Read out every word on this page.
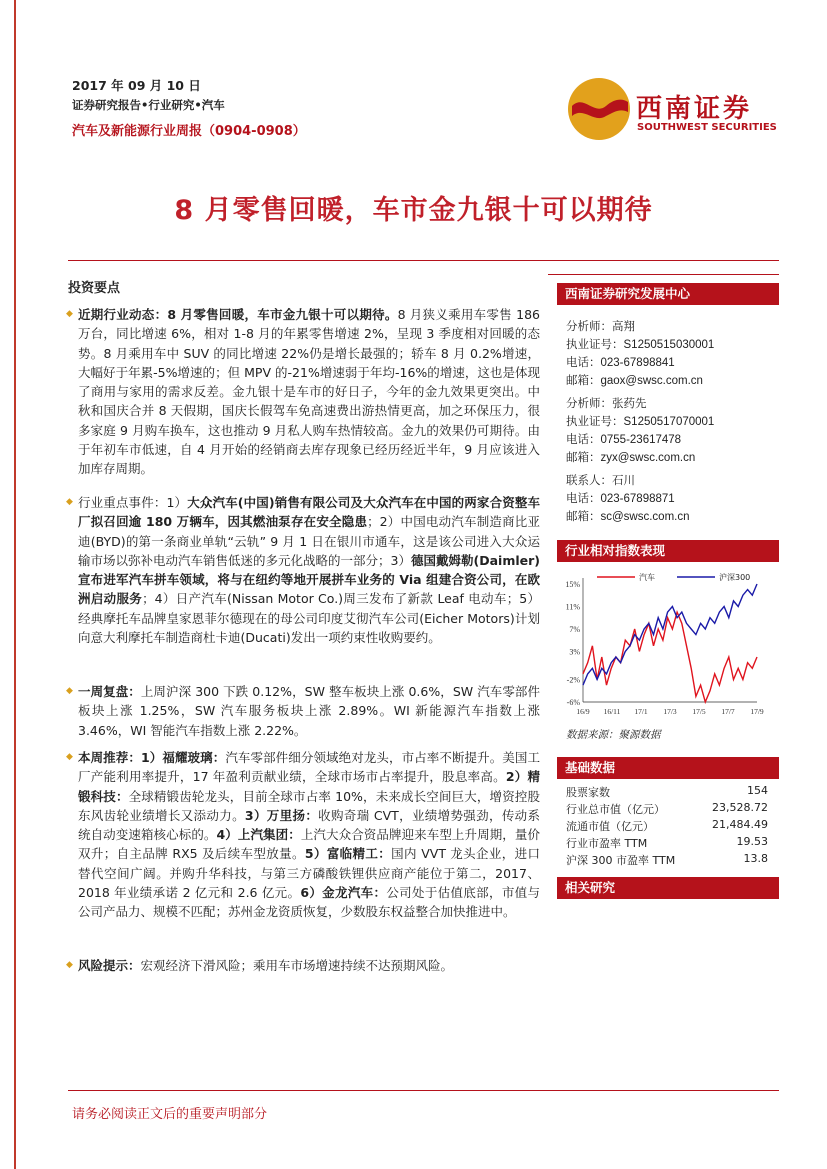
2017 年 09 月 10 日
证券研究报告•行业研究•汽车
汽车及新能源行业周报（0904-0908）
西南证券
SOUTHWEST SECURITIES
8 月零售回暖，车市金九银十可以期待
投资要点
◆ 近期行业动态：8 月零售回暖，车市金九银十可以期待。8 月狭义乘用车零售 186 万台，同比增速 6%，相对 1-8 月的年累零售增速 2%，呈现 3 季度相对回暖的态势。8 月乘用车中 SUV 的同比增速 22%仍是增长最强的；轿车 8 月 0.2%增速，大幅好于年累-5%增速的；但 MPV 的-21%增速弱于年均-16%的增速，这也是体现了商用与家用的需求反差。金九银十是车市的好日子，今年的金九效果更突出。中秋和国庆合并 8 天假期，国庆长假驾车免高速费出游热情更高，加之环保压力，很多家庭 9 月购车换车，这也推动 9 月私人购车热情较高。金九的效果仍可期待。由于年初车市低速，自 4 月开始的经销商去库存现象已经历经近半年，9 月应该进入加库存周期。
◆ 行业重点事件：1）大众汽车(中国)销售有限公司及大众汽车在中国的两家合资整车厂拟召回逾 180 万辆车，因其燃油泵存在安全隐患；2）中国电动汽车制造商比亚迪(BYD)的第一条商业单轨“云轨” 9 月 1 日在银川市通车，这是该公司进入大众运输市场以弥补电动汽车销售低迷的多元化战略的一部分；3）德国戴姆勒(Daimler)宣布进军汽车拼车领域，将与在纽约等地开展拼车业务的 Via 组建合资公司，在欧洲启动服务；4）日产汽车(Nissan Motor Co.)周三发布了新款 Leaf 电动车；5）经典摩托车品牌皇家恩菲尔德现在的母公司印度艾彻汽车公司(Eicher Motors)计划向意大利摩托车制造商杜卡迪(Ducati)发出一项约束性收购要约。
◆ 一周复盘：上周沪深 300 下跌 0.12%，SW 整车板块上涨 0.6%，SW 汽车零部件板块上涨 1.25%，SW 汽车服务板块上涨 2.89%。WI 新能源汽车指数上涨 3.46%，WI 智能汽车指数上涨 2.22%。
◆ 本周推荐：1）福耀玻璃：汽车零部件细分领域绝对龙头，市占率不断提升。美国工厂产能利用率提升，17 年盈利贡献业绩，全球市场市占率提升，股息率高。2）精锻科技：全球精锻齿轮龙头，目前全球市占率 10%，未来成长空间巨大，增资控股东风齿轮业绩增长又添动力。3）万里扬：收购奇瑞 CVT，业绩增势强劲，传动系统自动变速箱核心标的。4）上汽集团：上汽大众合资品牌迎来车型上升周期，量价双升；自主品牌 RX5 及后续车型放量。5）富临精工：国内 VVT 龙头企业，进口替代空间广阔。并购升华科技，与第三方磷酸铁锂供应商产能位于第二，2017、2018 年业绩承诺 2 亿元和 2.6 亿元。6）金龙汽车：公司处于估值底部，市值与公司产品力、规模不匹配；苏州金龙资质恢复，少数股东权益整合加快推进中。
◆ 风险提示：宏观经济下滑风险；乘用车市场增速持续不达预期风险。
西南证券研究发展中心
分析师：高翔
执业证号：S1250515030001
电话：023-67898841
邮箱：gaox@swsc.com.cn
分析师：张药先
执业证号：S1250517070001
电话：0755-23617478
邮箱：zyx@swsc.com.cn
联系人：石川
电话：023-67898871
邮箱：sc@swsc.com.cn
行业相对指数表现
-6%
-2%
3%
7%
11%
15%
16/9 16/11 17/1 17/3 17/5 17/7 17/9
汽车	沪深300
数据来源：聚源数据
基础数据
股票家数	154
行业总市值（亿元）	23,528.72
流通市值（亿元）	21,484.49
行业市盈率 TTM	19.53
沪深 300 市盈率 TTM	13.8
相关研究
请务必阅读正文后的重要声明部分
